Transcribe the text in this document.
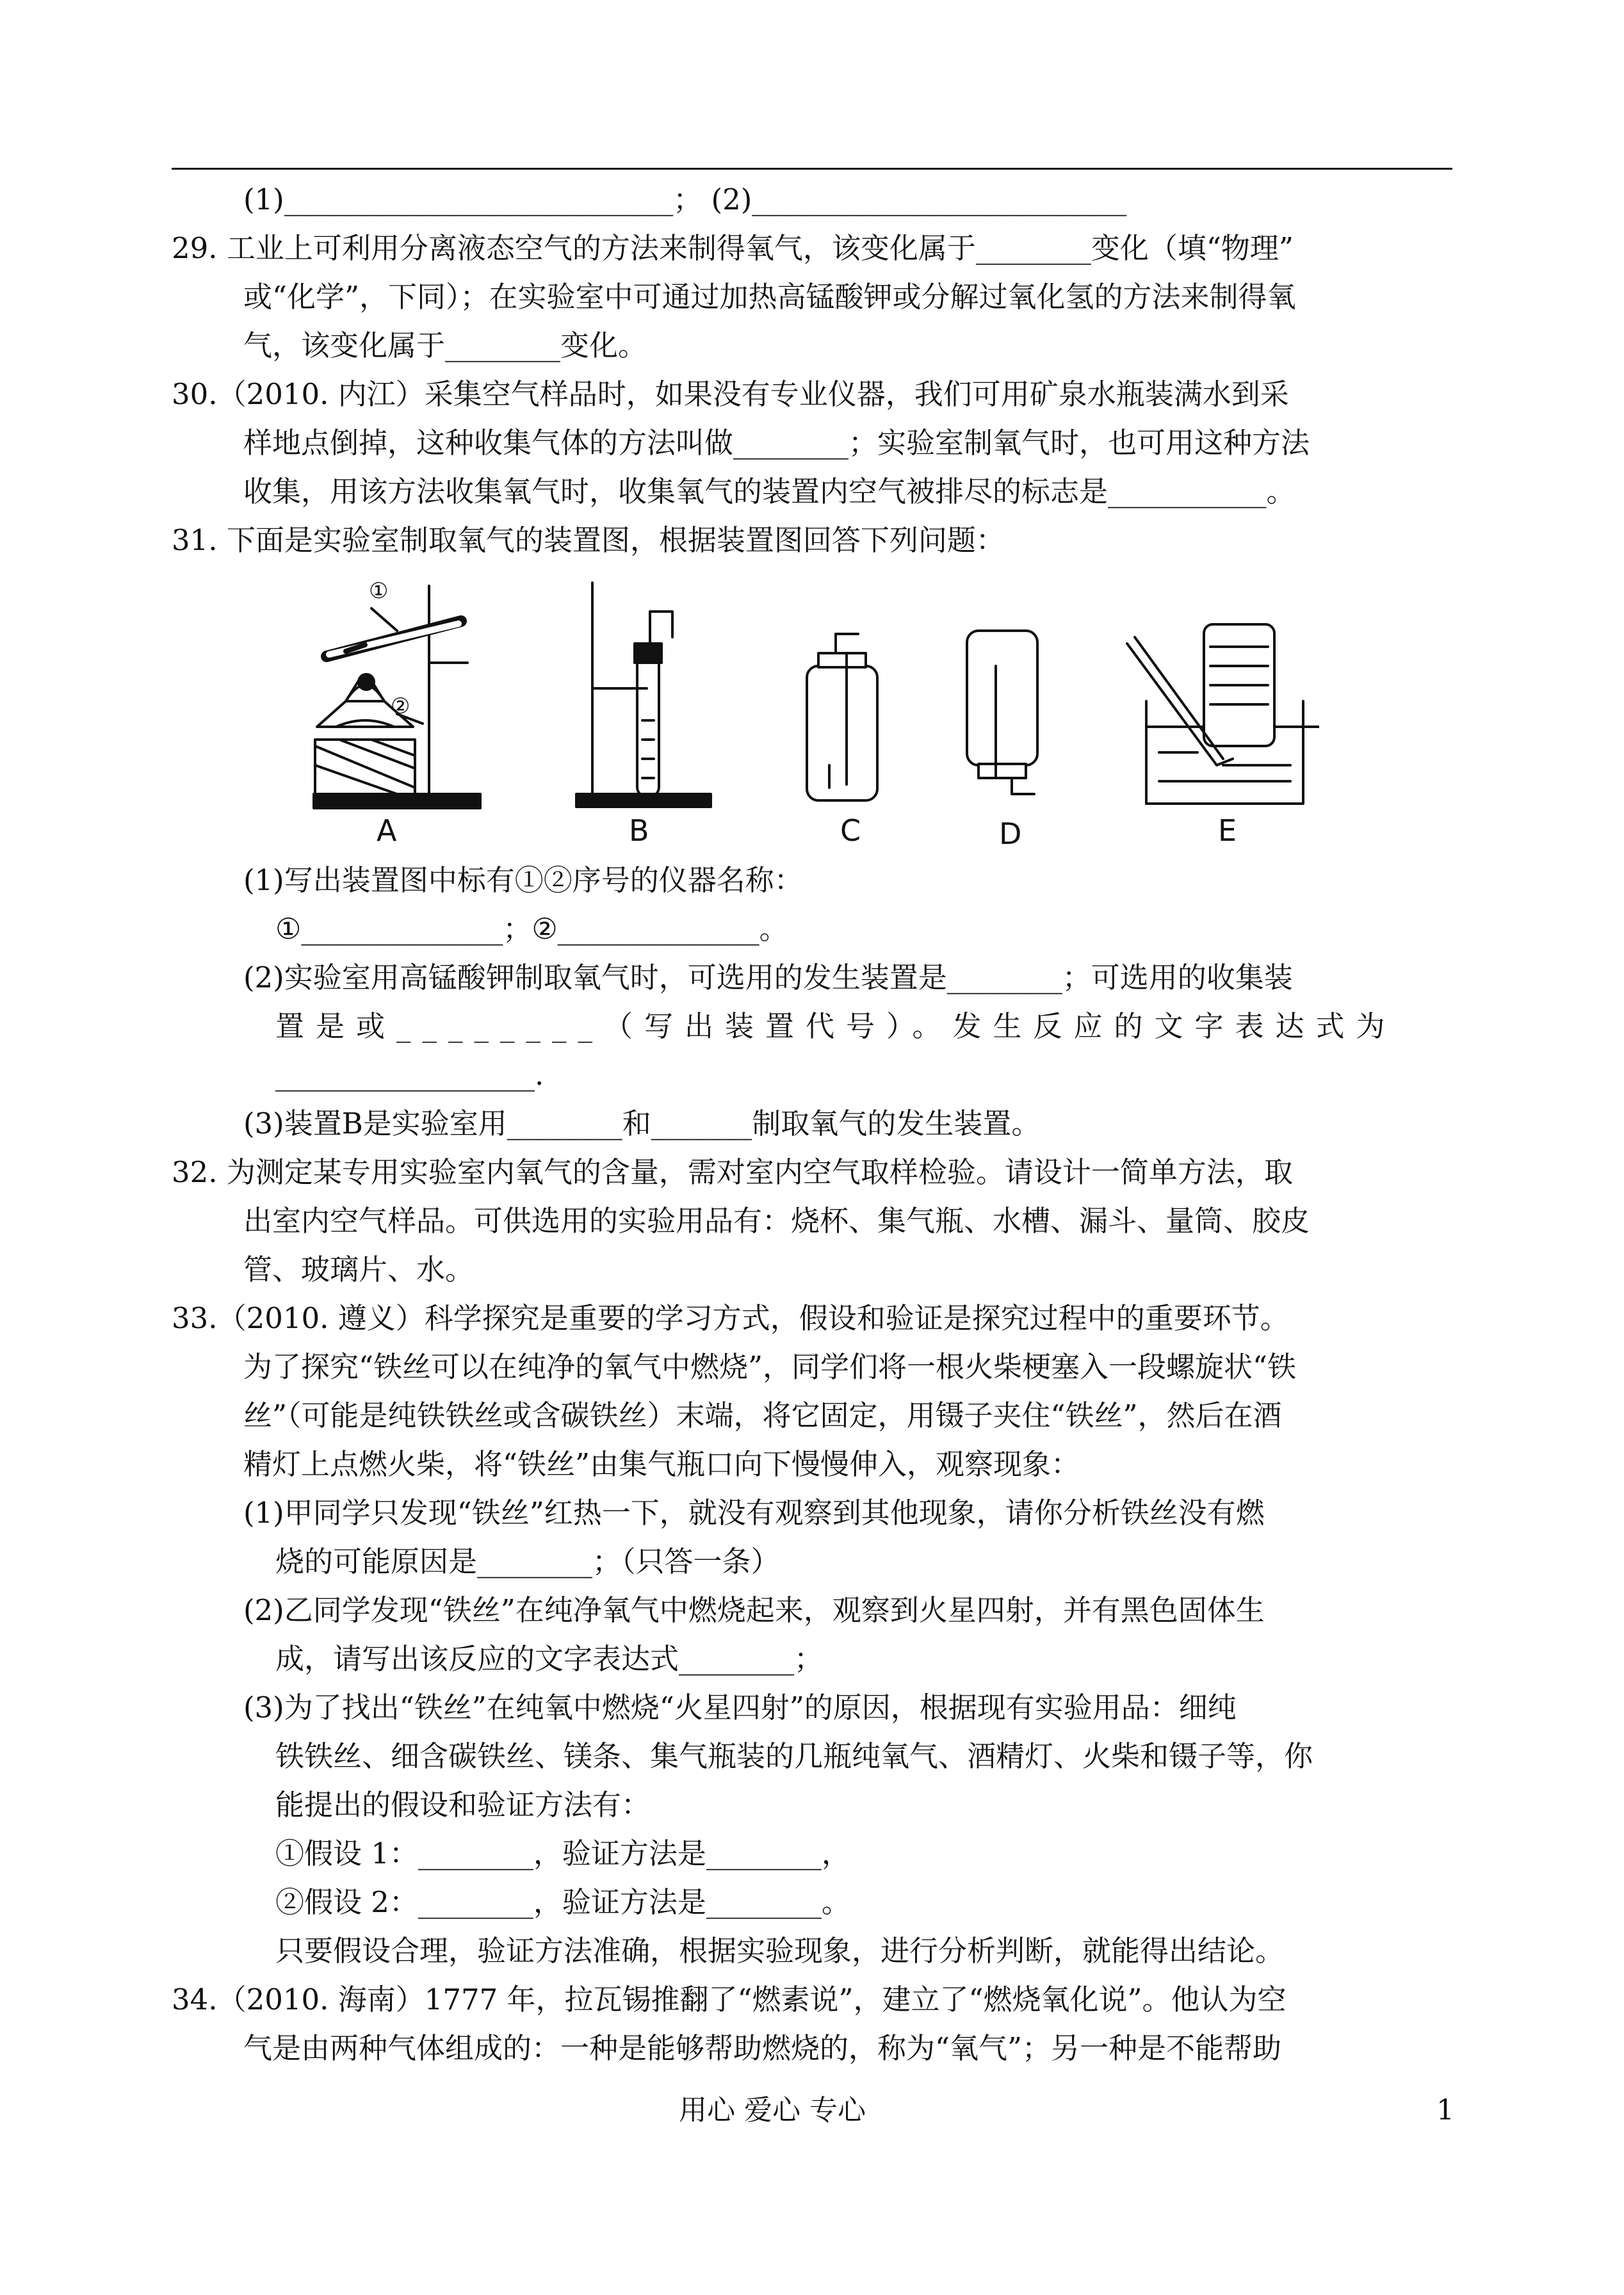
(1)___________________________； (2)__________________________
29. 工业上可利用分离液态空气的方法来制得氧气，该变化属于________变化（填“物理”
或“化学”，下同）；在实验室中可通过加热高锰酸钾或分解过氧化氢的方法来制得氧
气，该变化属于________变化。
30.（2010. 内江）采集空气样品时，如果没有专业仪器，我们可用矿泉水瓶装满水到采
样地点倒掉，这种收集气体的方法叫做________；实验室制氧气时，也可用这种方法
收集，用该方法收集氧气时，收集氧气的装置内空气被排尽的标志是___________。
31. 下面是实验室制取氧气的装置图，根据装置图回答下列问题：
A	B	C	D	E
①
②
(1)写出装置图中标有①②序号的仪器名称：
①______________；②______________。
(2)实验室用高锰酸钾制取氧气时，可选用的发生装置是________；可选用的收集装
置是或________（写出装置代号）。发生反应的文字表达式为
__________________.
(3)装置B是实验室用________和_______制取氧气的发生装置。
32. 为测定某专用实验室内氧气的含量，需对室内空气取样检验。请设计一简单方法，取
出室内空气样品。可供选用的实验用品有：烧杯、集气瓶、水槽、漏斗、量筒、胶皮
管、玻璃片、水。
33.（2010. 遵义）科学探究是重要的学习方式，假设和验证是探究过程中的重要环节。
为了探究“铁丝可以在纯净的氧气中燃烧”，同学们将一根火柴梗塞入一段螺旋状“铁
丝”（可能是纯铁铁丝或含碳铁丝）末端，将它固定，用镊子夹住“铁丝”，然后在酒
精灯上点燃火柴，将“铁丝”由集气瓶口向下慢慢伸入，观察现象：
(1)甲同学只发现“铁丝”红热一下，就没有观察到其他现象，请你分析铁丝没有燃
烧的可能原因是________；（只答一条）
(2)乙同学发现“铁丝”在纯净氧气中燃烧起来，观察到火星四射，并有黑色固体生
成，请写出该反应的文字表达式________；
(3)为了找出“铁丝”在纯氧中燃烧“火星四射”的原因，根据现有实验用品：细纯
铁铁丝、细含碳铁丝、镁条、集气瓶装的几瓶纯氧气、酒精灯、火柴和镊子等，你
能提出的假设和验证方法有：
①假设 1：________，验证方法是________，
②假设 2：________，验证方法是________。
只要假设合理，验证方法准确，根据实验现象，进行分析判断，就能得出结论。
34.（2010. 海南）1777 年，拉瓦锡推翻了“燃素说”，建立了“燃烧氧化说”。他认为空
气是由两种气体组成的：一种是能够帮助燃烧的，称为“氧气”；另一种是不能帮助
用心 爱心 专心	1
